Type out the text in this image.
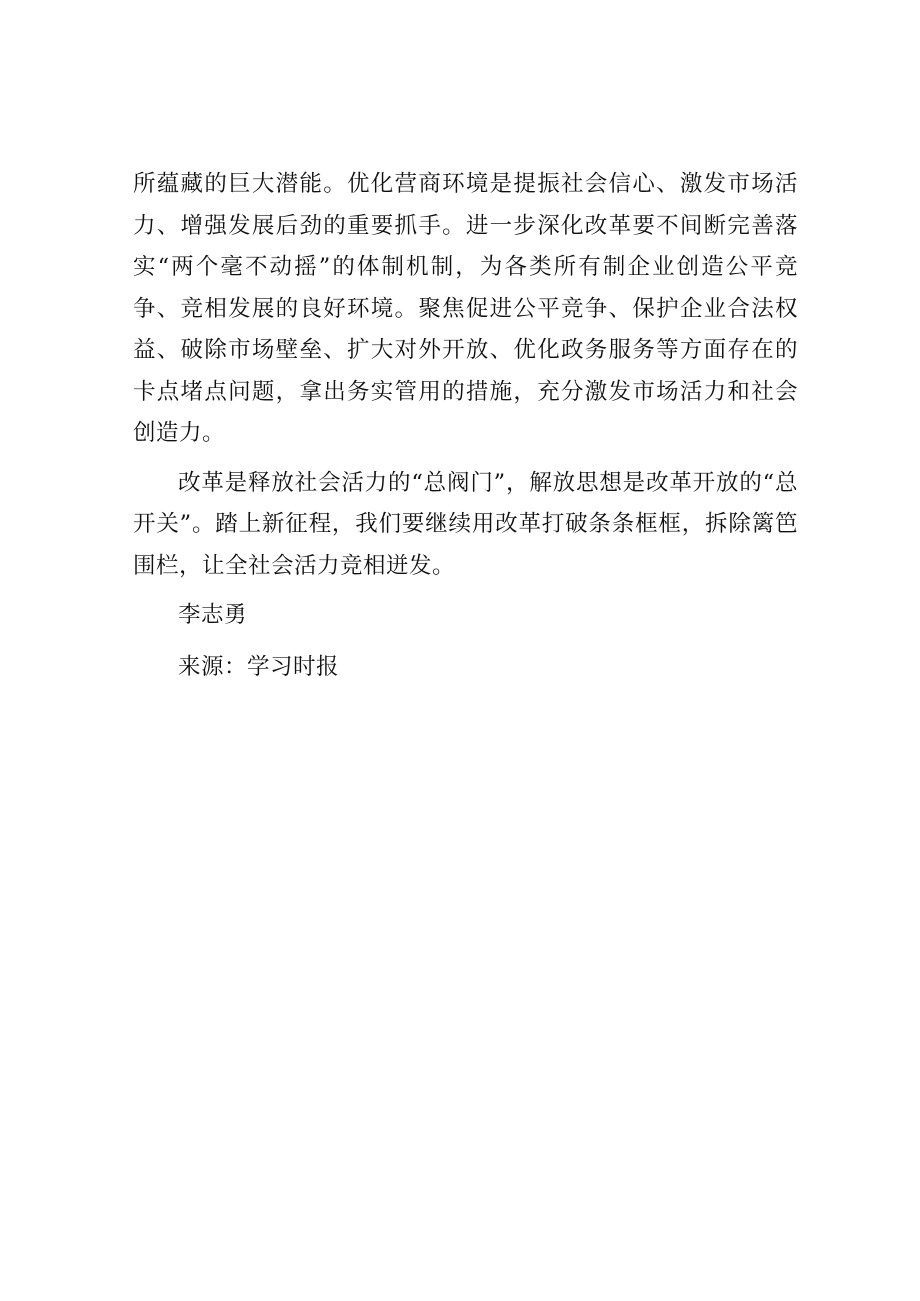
所蕴藏的巨大潜能。优化营商环境是提振社会信心、激发市场活力、增强发展后劲的重要抓手。进一步深化改革要不间断完善落实“两个毫不动摇”的体制机制，为各类所有制企业创造公平竞争、竞相发展的良好环境。聚焦促进公平竞争、保护企业合法权益、破除市场壁垒、扩大对外开放、优化政务服务等方面存在的卡点堵点问题，拿出务实管用的措施，充分激发市场活力和社会创造力。

改革是释放社会活力的“总阀门”，解放思想是改革开放的“总开关”。踏上新征程，我们要继续用改革打破条条框框，拆除篱笆围栏，让全社会活力竞相迸发。

李志勇

来源：学习时报
